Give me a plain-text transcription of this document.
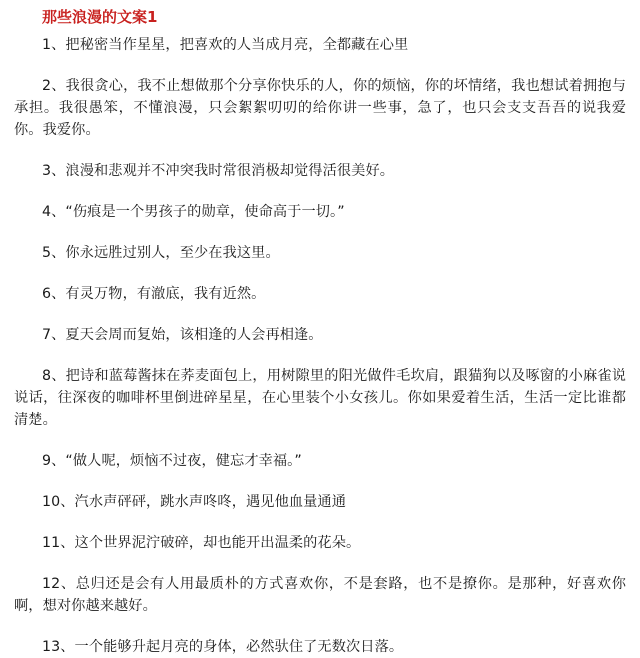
那些浪漫的文案1
1、把秘密当作星星，把喜欢的人当成月亮，全都藏在心里
2、我很贪心，我不止想做那个分享你快乐的人，你的烦恼，你的坏情绪，我也想试着拥抱与承担。我很愚笨，不懂浪漫，只会絮絮叨叨的给你讲一些事，急了，也只会支支吾吾的说我爱你。我爱你。
3、浪漫和悲观并不冲突我时常很消极却觉得活很美好。
4、“伤痕是一个男孩子的勋章，使命高于一切。”
5、你永远胜过别人，至少在我这里。
6、有灵万物，有澈底，我有近然。
7、夏天会周而复始，该相逢的人会再相逢。
8、把诗和蓝莓酱抹在荞麦面包上，用树隙里的阳光做件毛坎肩，跟猫狗以及啄窗的小麻雀说说话，往深夜的咖啡杯里倒进碎星星，在心里装个小女孩儿。你如果爱着生活，生活一定比谁都清楚。
9、“做人呢，烦恼不过夜，健忘才幸福。”
10、汽水声砰砰，跳水声咚咚，遇见他血量通通
11、这个世界泥泞破碎，却也能开出温柔的花朵。
12、总归还是会有人用最质朴的方式喜欢你，不是套路，也不是撩你。是那种，好喜欢你啊，想对你越来越好。
13、一个能够升起月亮的身体，必然驮住了无数次日落。
